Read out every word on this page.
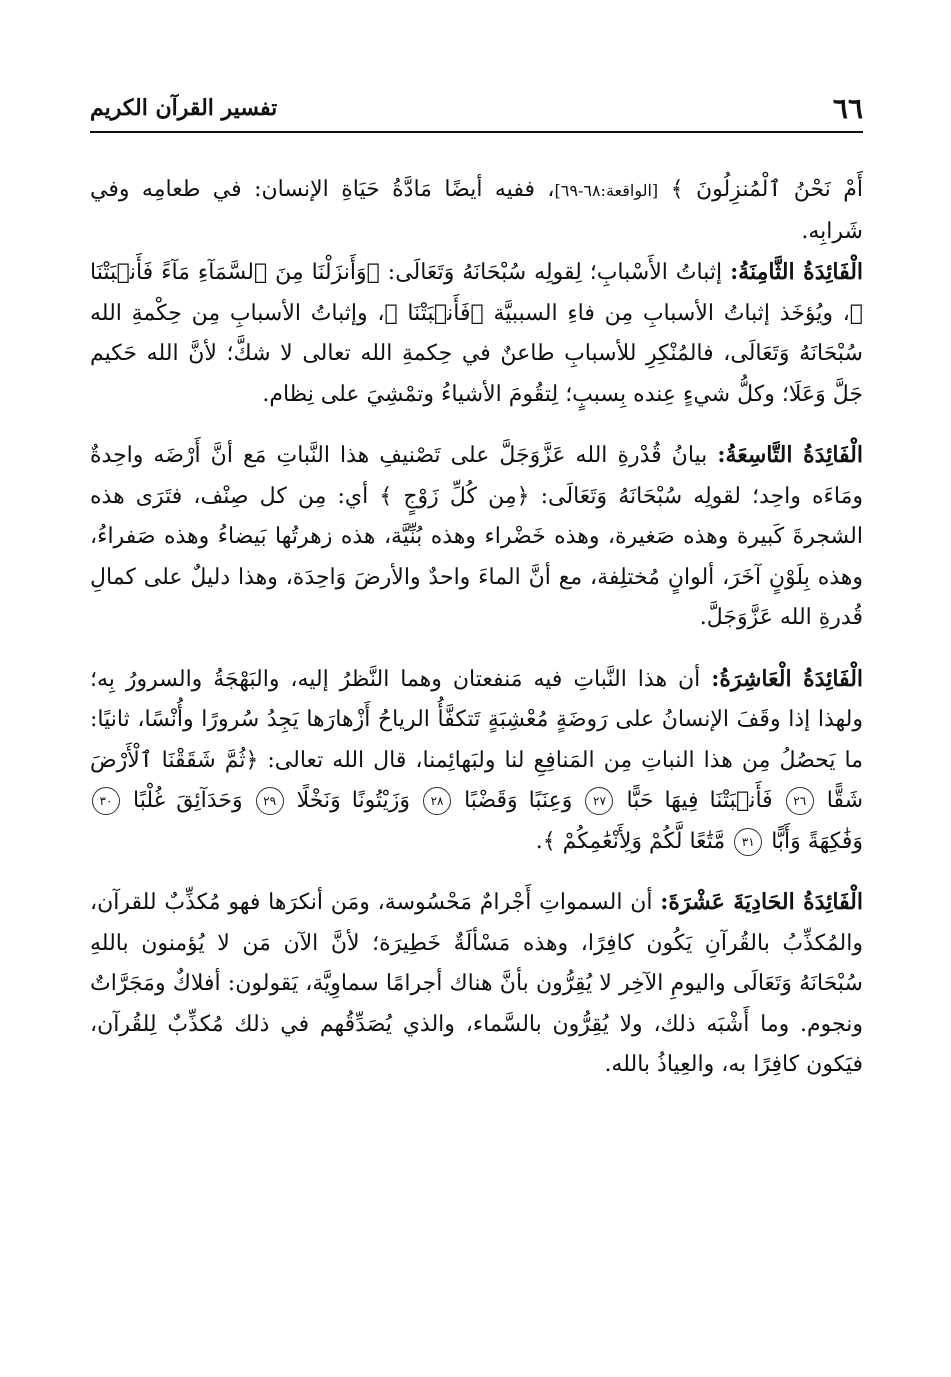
٦٦
تفسير القرآن الكريم

أَمْ نَحْنُ ٱلْمُنزِلُونَ ﴾ [الواقعة:٦٨-٦٩]، ففيه أيضًا مَادَّةُ حَيَاةِ الإنسان: في طعامِه وفي شَرابِه.

الْفَائِدَةُ الثَّامِنَةُ: إثباتُ الأَسْبابِ؛ لِقولِه سُبْحَانَهُ وَتَعَالَى: ﴿وَأَنزَلْنَا مِنَ ٱلسَّمَآءِ مَآءً فَأَنۢبَتْنَا ﴾، ويُؤخَذ إثباتُ الأسبابِ مِن فاءِ السببيَّة ﴿فَأَنۢبَتْنَا ﴾، وإثباتُ الأسبابِ مِن حِكْمةِ الله سُبْحَانَهُ وَتَعَالَى، فالمُنْكِرِ للأسبابِ طاعنٌ في حِكمةِ الله تعالى لا شكَّ؛ لأنَّ الله حَكيم جَلَّ وَعَلَا؛ وكلُّ شيءٍ عِنده بِسببٍ؛ لِتقُومَ الأشياءُ وتمْشِيَ على نِظام.

الْفَائِدَةُ التَّاسِعَةُ: بيانُ قُدْرةِ الله عَزَّوَجَلَّ على تَصْنيفِ هذا النَّباتِ مَع أنَّ أَرْضَه واحِدةٌ ومَاءَه واحِد؛ لقولِه سُبْحَانَهُ وَتَعَالَى: ﴿مِن كُلِّ زَوْجٍ ﴾ أي: مِن كل صِنْف، فتَرَى هذه الشجرةَ كَبيرة وهذه صَغيرة، وهذه خَضْراء وهذه بُنِّيَّة، هذه زهرتُها بَيضاءُ وهذه صَفراءُ، وهذه بِلَوْنٍ آخَرَ، ألوانٍ مُختلِفة، مع أنَّ الماءَ واحدٌ والأرضَ وَاحِدَة، وهذا دليلٌ على كمالِ قُدرةِ الله عَزَّوَجَلَّ.

الْفَائِدَةُ الْعَاشِرَةُ: أن هذا النَّباتِ فيه مَنفعتان وهما النَّظرُ إليه، والبَهْجَةُ والسرورُ بِه؛ ولهذا إذا وقَفَ الإنسانُ على رَوضَةٍ مُعْشِبَةٍ تَتكفَّأُ الرياحُ أَزْهارَها يَجِدُ سُرورًا وأُنْسًا، ثانيًا: ما يَحصُلُ مِن هذا النباتِ مِن المَنافِعِ لنا ولبَهائِمنا، قال الله تعالى: ﴿ثُمَّ شَقَقْنَا ٱلْأَرْضَ شَقًّا ٢٦ فَأَنۢبَتْنَا فِيهَا حَبًّا ٢٧ وَعِنَبًا وَقَضْبًا ٢٨ وَزَيْتُونًا وَنَخْلًا ٢٩ وَحَدَآئِقَ غُلْبًا ٣٠ وَفَٰكِهَةً وَأَبًّا ٣١ مَّتَٰعًا لَّكُمْ وَلِأَنْعَٰمِكُمْ ﴾.

الْفَائِدَةُ الحَادِيَةَ عَشْرَةَ: أن السمواتِ أَجْرامٌ مَحْسُوسة، ومَن أنكرَها فهو مُكذِّبٌ للقرآن، والمُكذِّبُ بالقُرآنِ يَكُون كافِرًا، وهذه مَسْألَةٌ خَطِيرَة؛ لأنَّ الآن مَن لا يُؤمنون باللهِ سُبْحَانَهُ وَتَعَالَى واليومِ الآخِر لا يُقِرُّون بأنَّ هناك أجرامًا سماوِيَّة، يَقولون: أفلاكٌ ومَجَرَّاتٌ ونجوم. وما أَشْبَه ذلك، ولا يُقِرُّون بالسَّماء، والذي يُصَدِّقُهم في ذلك مُكذِّبٌ لِلقُرآن، فيَكون كافِرًا به، والعِياذُ بالله.
